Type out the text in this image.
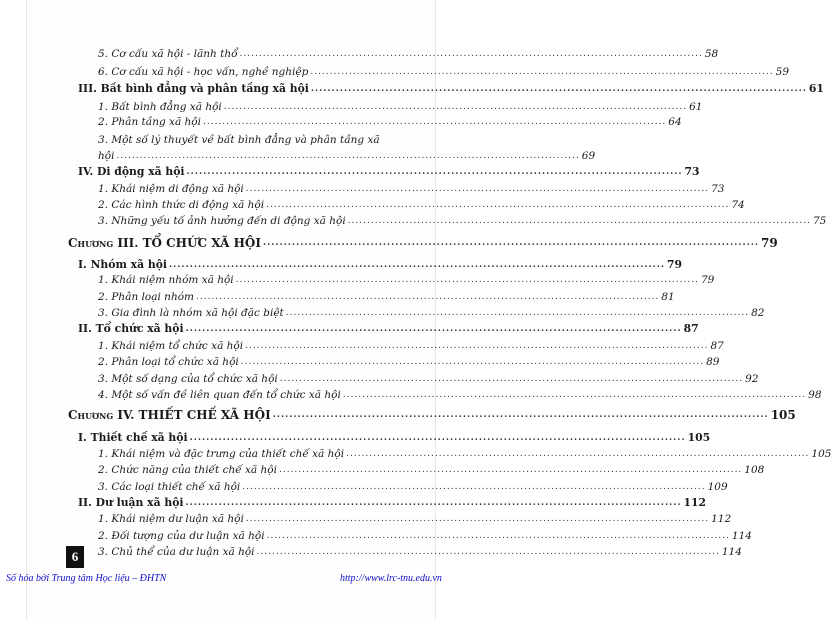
5. Cơ cấu xã hội - lãnh thổ ........................................................................................................................ 58
6. Cơ cấu xã hội - học vấn, nghề nghiệp ........................................................................................................................ 59
III. Bất bình đẳng và phân tầng xã hội ........................................................................................................................ 61
1. Bất bình đẳng xã hội ........................................................................................................................ 61
2. Phân tầng xã hội ........................................................................................................................ 64
3. Một số lý thuyết về bất bình đẳng và phân tầng xã
hội ........................................................................................................................ 69
IV. Di động xã hội ........................................................................................................................ 73
1. Khái niệm di động xã hội ........................................................................................................................ 73
2. Các hình thức di động xã hội ........................................................................................................................ 74
3. Những yếu tố ảnh hưởng đến di động xã hội ........................................................................................................................ 75
Chương III. TỔ CHỨC XÃ HỘI ........................................................................................................................ 79
I. Nhóm xã hội ........................................................................................................................ 79
1. Khái niệm nhóm xã hội ........................................................................................................................ 79
2. Phân loại nhóm ........................................................................................................................ 81
3. Gia đình là nhóm xã hội đặc biệt ........................................................................................................................ 82
II. Tổ chức xã hội ........................................................................................................................ 87
1. Khái niệm tổ chức xã hội ........................................................................................................................ 87
2. Phân loại tổ chức xã hội ........................................................................................................................ 89
3. Một số dạng của tổ chức xã hội ........................................................................................................................ 92
4. Một số vấn đề liên quan đến tổ chức xã hội ........................................................................................................................ 98
Chương IV. THIẾT CHẾ XÃ HỘI ........................................................................................................................ 105
I. Thiết chế xã hội ........................................................................................................................ 105
1. Khái niệm và đặc trưng của thiết chế xã hội ........................................................................................................................ 105
2. Chức năng của thiết chế xã hội ........................................................................................................................ 108
3. Các loại thiết chế xã hội ........................................................................................................................ 109
II. Dư luận xã hội ........................................................................................................................ 112
1. Khái niệm dư luận xã hội ........................................................................................................................ 112
2. Đối tượng của dư luận xã hội ........................................................................................................................ 114
3. Chủ thể của dư luận xã hội ........................................................................................................................ 114
6
Số hóa bởi Trung tâm Học liệu – ĐHTN	http://www.lrc-tnu.edu.vn
